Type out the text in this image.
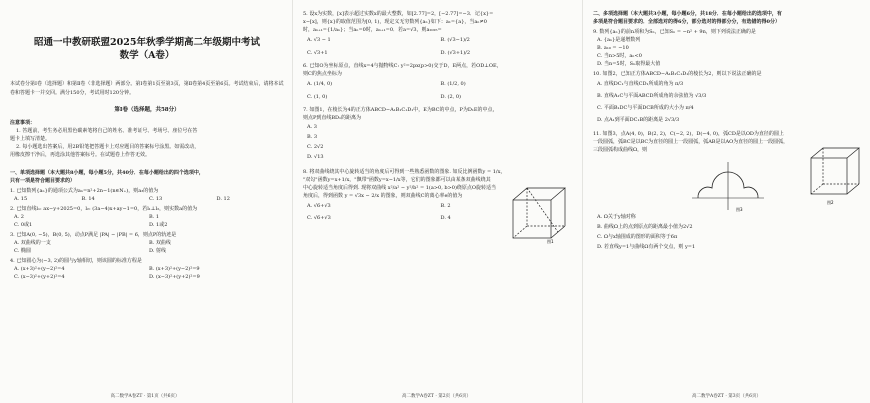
昭通一中教研联盟2025年秋季学期高二年级期中考试
数学（A卷）

本试卷分第Ⅰ卷（选择题）和第Ⅱ卷（非选择题）两部分。第Ⅰ卷第1页至第3页，第Ⅱ卷第4页至第6页。考试结束后，请将本试卷和答题卡一并交回。满分150分，考试用时120分钟。

第Ⅰ卷（选择题，共58分）

注意事项：

1. 答题前，考生务必用黑色碳素笔将自己的姓名、准考证号、考场号、座位号在答

题卡上填写清楚。

2. 每小题选出答案后，用2B铅笔把答题卡上对应题目的答案标号涂黑。如需改动，

用橡皮擦干净后，再选涂其他答案标号。在试题卷上作答无效。

一、单项选择题（本大题共8小题，每小题5分，共40分．在每小题给出的四个选项中，

只有一项是符合题目要求的）

1. 已知数列{aₙ}的通项公式为aₙ=n²+2n−1(n∈N₊)，则a₃的值为

A. 15	B. 14	C. 13	D. 12

2. 已知直线l₁: ax−y+2025=0，l₂: (3a−4)x+ay−1=0，若l₁⊥l₂，则实数a的值为

A. 2	B. 1
C. 0或1	D. 1或2

3. 已知A(0, −5)，B(0, 5)，动点P满足 |PA| − |PB| = 6，则点P的轨迹是

A. 双曲线的一支	B. 双曲线
C. 椭圆	D. 射线

4. 已知圆心为(−3, 2)的圆与y轴相切，则该圆的标准方程是

A. (x+3)²+(y−2)²=4	B. (x+3)²+(y−2)²=9
C. (x−3)²+(y+2)²=4	D. (x−3)²+(y+2)²=9
高二数学A卷ZT · 第1页（共6页）

5. 设x为实数，[x]表示超过实数x的最大整数，如[2.77]=2，[−2.77]=−3．记{x}=

x−[x]，则{x}的取值范围为[0, 1)，现定义无穷数列{aₙ}如下：a₁={a}，当aₙ≠0

时，aₙ₊₁={1/aₙ}；当aₙ=0时，aₙ₊₁=0．若a=√3，则a₂₀₂₅=

A. √3 − 1	B. (√3−1)/2
C. √3+1	D. (√3+1)/2

6. 已知O为坐标原点，直线x=4与抛物线C: y²=2px(p>0)交于D，E两点，若OD⊥OE，

则C的焦点坐标为

A. (1/4, 0)	B. (1/2, 0)
C. (1, 0)	D. (2, 0)

7. 如图1，在棱长为4的正方体ABCD−A₁B₁C₁D₁中，E为BC的中点，P为D₁E的中点，

则点P到直线BD₁的距离为

A. 3
B. 3
C. 2√2
D. √13
图1

8. 将双曲线绕其中心旋转适当的角度后可得到一些熟悉函数的图象. 如反比例函数y = 1/x，

"双勾"函数y=x+1/x，"飘带"函数y=x−1/x等，它们的图象都可以由某条双曲线绕其

中心旋转适当角度后得到. 现将双曲线 x²/a² − y²/b² = 1(a>0, b>0)绕原点O旋转适当

角度后，得到函数 y = √3x − 2/x 的图象，则双曲线C的离心率e的值为

A. √6+√3	B. 2
C. √6+√3	D. 4
高二数学A卷ZT · 第2页（共6页）

二、多项选择题（本大题共3小题，每小题6分，共18分．在每小题给出的选项中，有

多项是符合题目要求的．全部选对的得6分，部分选对的得部分分，有选错的得0分）

9. 数列{aₙ}的前n项和为Sₙ，已知Sₙ = −n² + 9n，则下列说法正确的是

A. {aₙ}是递增数列
B. a₁₀ = −10
C. 当n>5时，aₙ<0
D. 当n=5时，Sₙ取得最大值

10. 如图2，已知正方体ABCD−A₁B₁C₁D₁的棱长为2，则以下说法正确的是

A. 直线DC₁与直线CD₁所成的角为 π/3
B. 直线A₁C与平面ABCD所成角的余弦值为 √3/3
C. 平面B₁DC与平面DCB所成的大小为 π/4
D. 点A₁到平面DC₁B的距离是 2√3/3
图2

11. 如图3，点A(4, 0)，B(2, 2)，C(−2, 2)，D(−4, 0)，弧CD是以OD为直径的圆上

一段圆弧，弧BC是以BC为直径的圆上一段圆弧，弧AB是以AO为直径的圆上一段圆弧，

三段圆弧构成曲线Ω，则

图3
A. Ω关于y轴对称
B. 曲线Ω上的点到原点的距离最小值为2√2
C. Ω与x轴围成的图形的面积等于6π
D. 若直线y=1与曲线Ω有两个交点，则 y=1
高二数学A卷ZT · 第3页（共6页）
